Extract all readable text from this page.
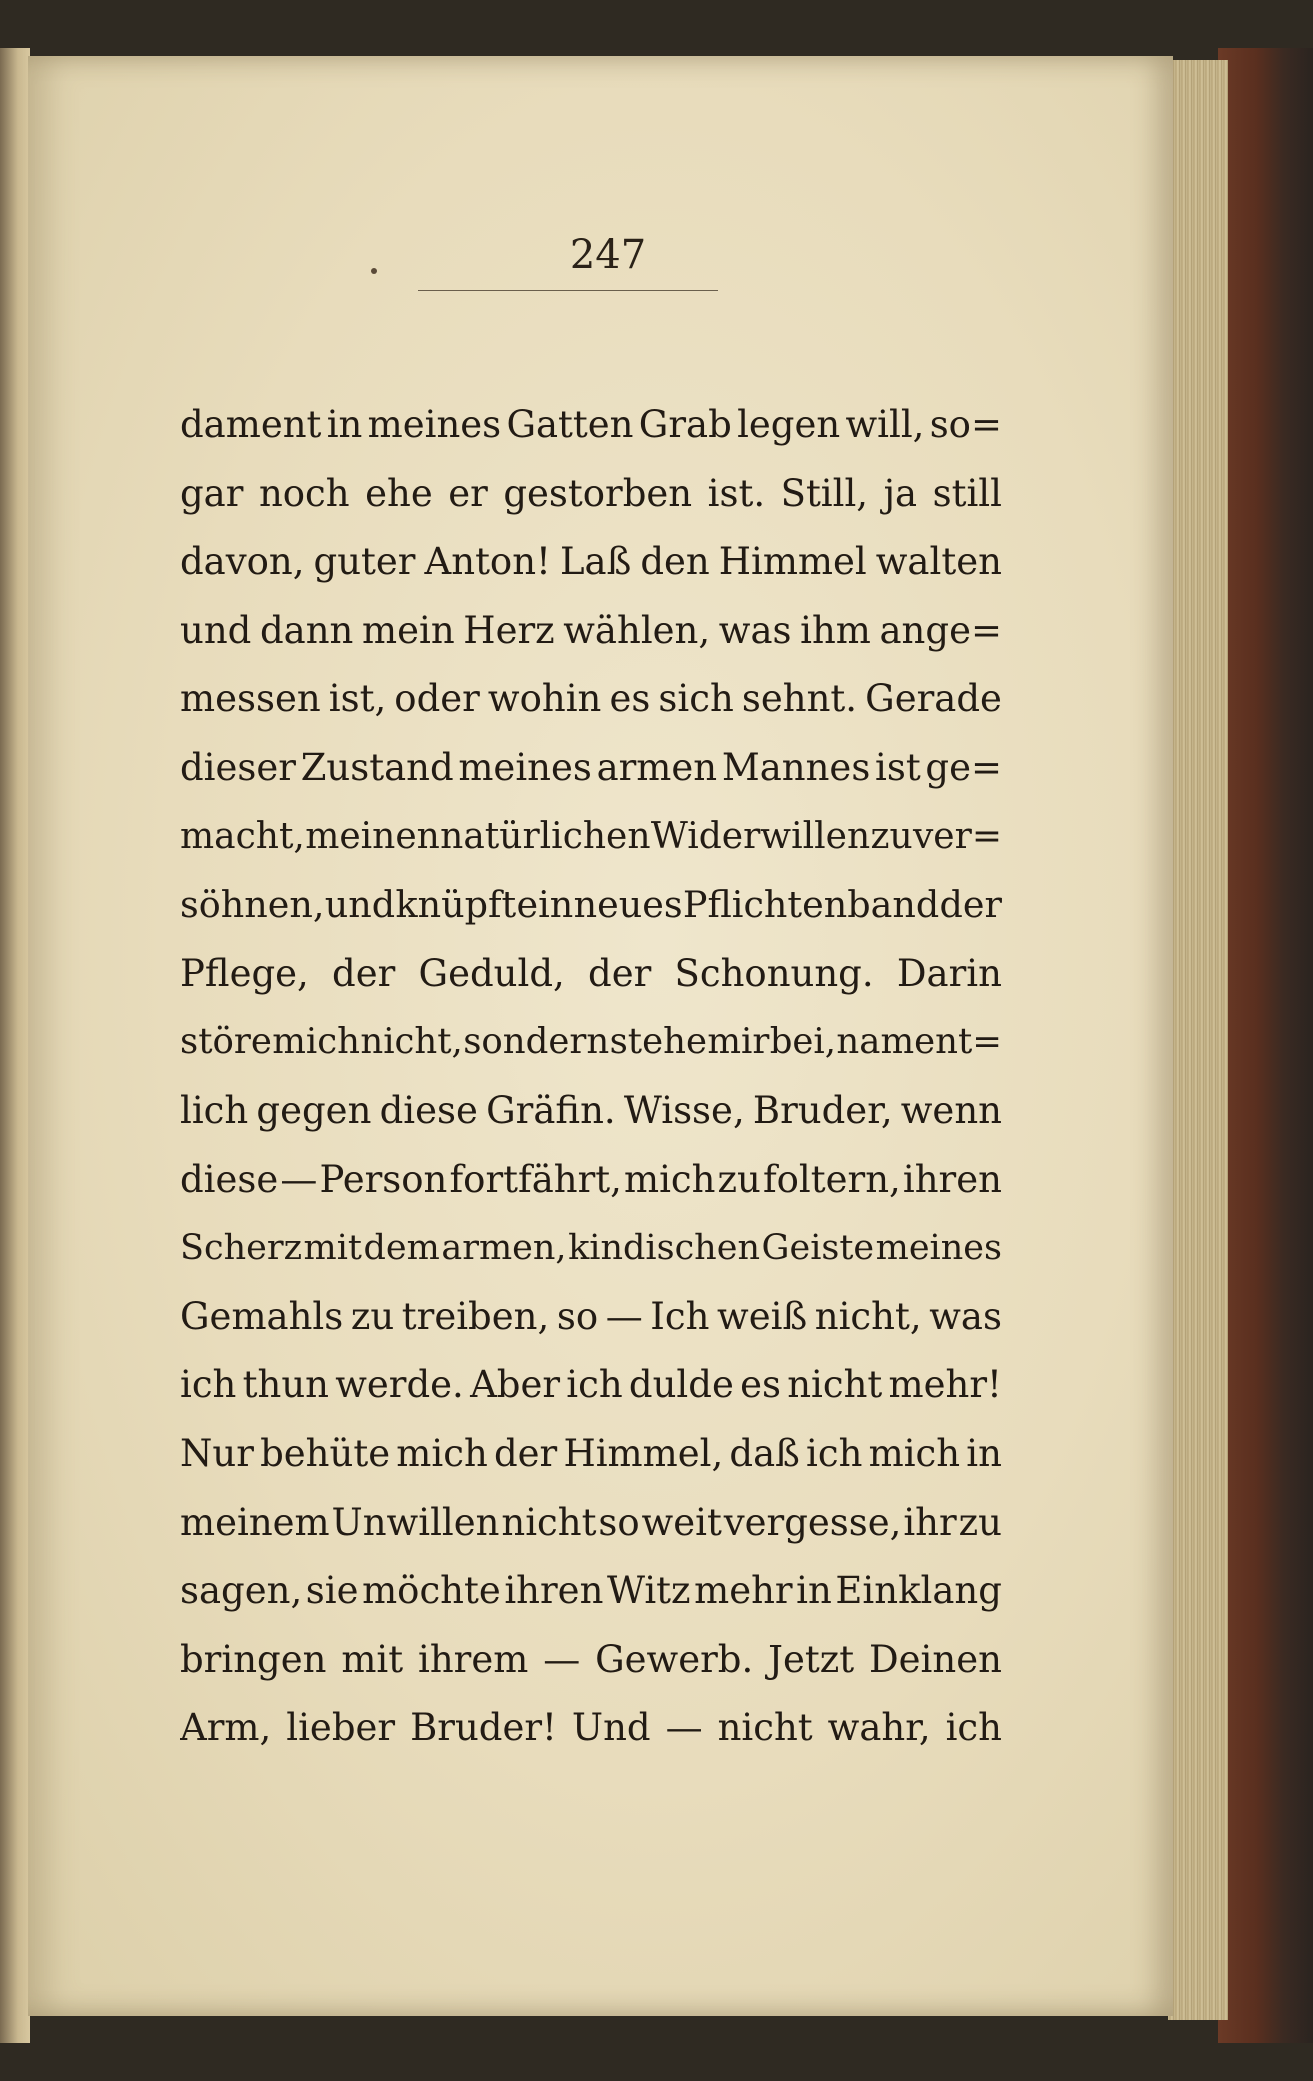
247
dament in meines Gatten Grab legen will, so=
gar noch ehe er gestorben ist. Still, ja still
davon, guter Anton! Laß den Himmel walten
und dann mein Herz wählen, was ihm ange=
messen ist, oder wohin es sich sehnt. Gerade
dieser Zustand meines armen Mannes ist ge=
macht, meinen natürlichen Widerwillen zu ver=
söhnen, und knüpft ein neues Pflichtenband der
Pflege, der Geduld, der Schonung. Darin
störe mich nicht, sondern stehe mir bei, nament=
lich gegen diese Gräfin. Wisse, Bruder, wenn
diese — Person fortfährt, mich zu foltern, ihren
Scherz mit dem armen, kindischen Geiste meines
Gemahls zu treiben, so — Ich weiß nicht, was
ich thun werde. Aber ich dulde es nicht mehr!
Nur behüte mich der Himmel, daß ich mich in
meinem Unwillen nicht so weit vergesse, ihr zu
sagen, sie möchte ihren Witz mehr in Einklang
bringen mit ihrem — Gewerb. Jetzt Deinen
Arm, lieber Bruder! Und — nicht wahr, ich
